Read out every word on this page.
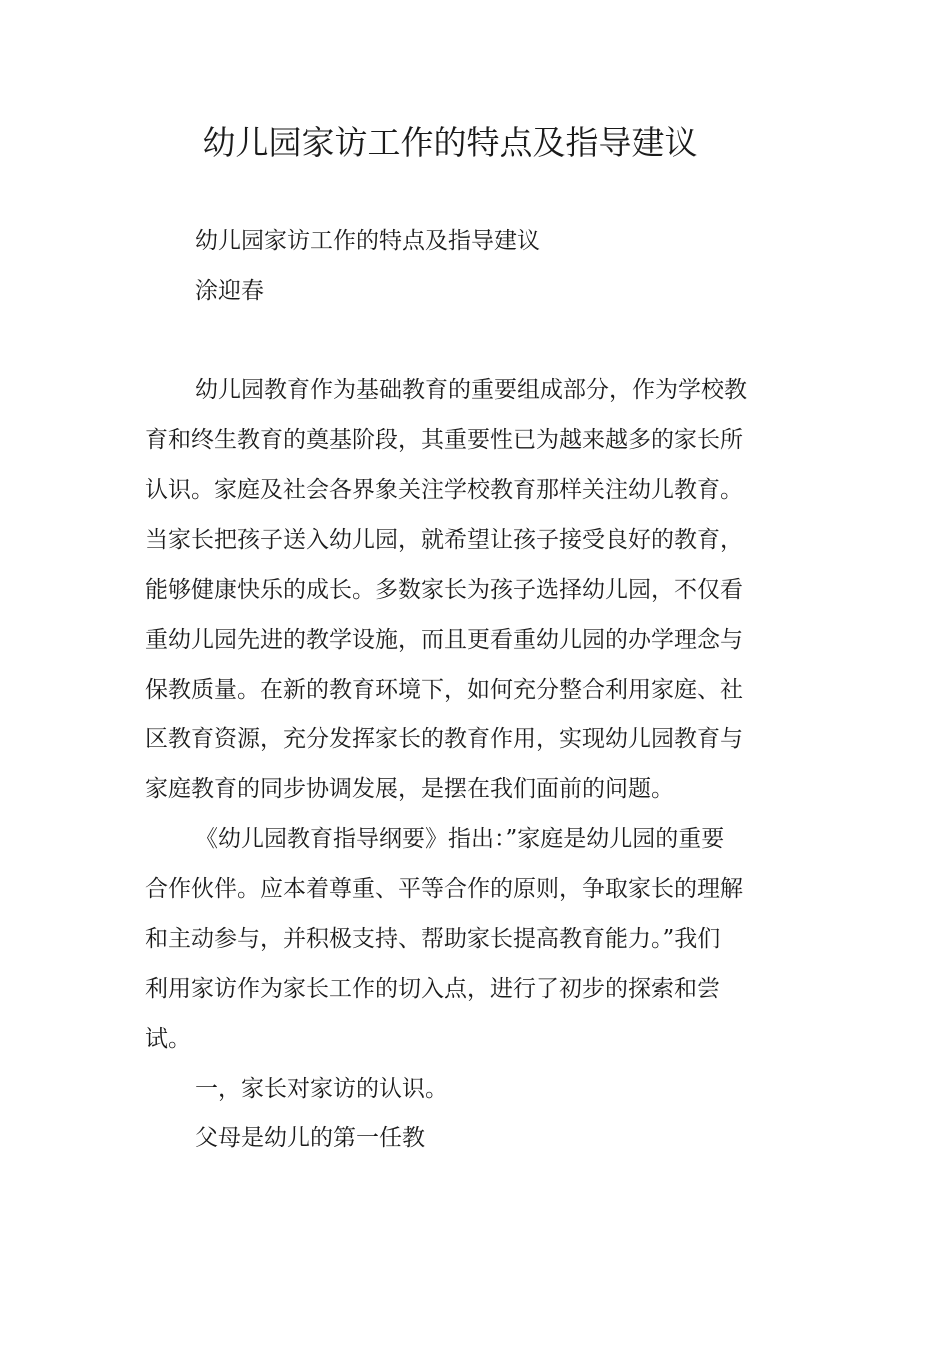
幼儿园家访工作的特点及指导建议

幼儿园家访工作的特点及指导建议

涂迎春

幼儿园教育作为基础教育的重要组成部分，作为学校教

育和终生教育的奠基阶段，其重要性已为越来越多的家长所

认识。家庭及社会各界象关注学校教育那样关注幼儿教育。

当家长把孩子送入幼儿园，就希望让孩子接受良好的教育，

能够健康快乐的成长。多数家长为孩子选择幼儿园，不仅看

重幼儿园先进的教学设施，而且更看重幼儿园的办学理念与

保教质量。在新的教育环境下，如何充分整合利用家庭、社

区教育资源，充分发挥家长的教育作用，实现幼儿园教育与

家庭教育的同步协调发展，是摆在我们面前的问题。

《幼儿园教育指导纲要》指出：”家庭是幼儿园的重要

合作伙伴。应本着尊重、平等合作的原则，争取家长的理解

和主动参与，并积极支持、帮助家长提高教育能力。”我们

利用家访作为家长工作的切入点，进行了初步的探索和尝

试。

一，家长对家访的认识。

父母是幼儿的第一任教
